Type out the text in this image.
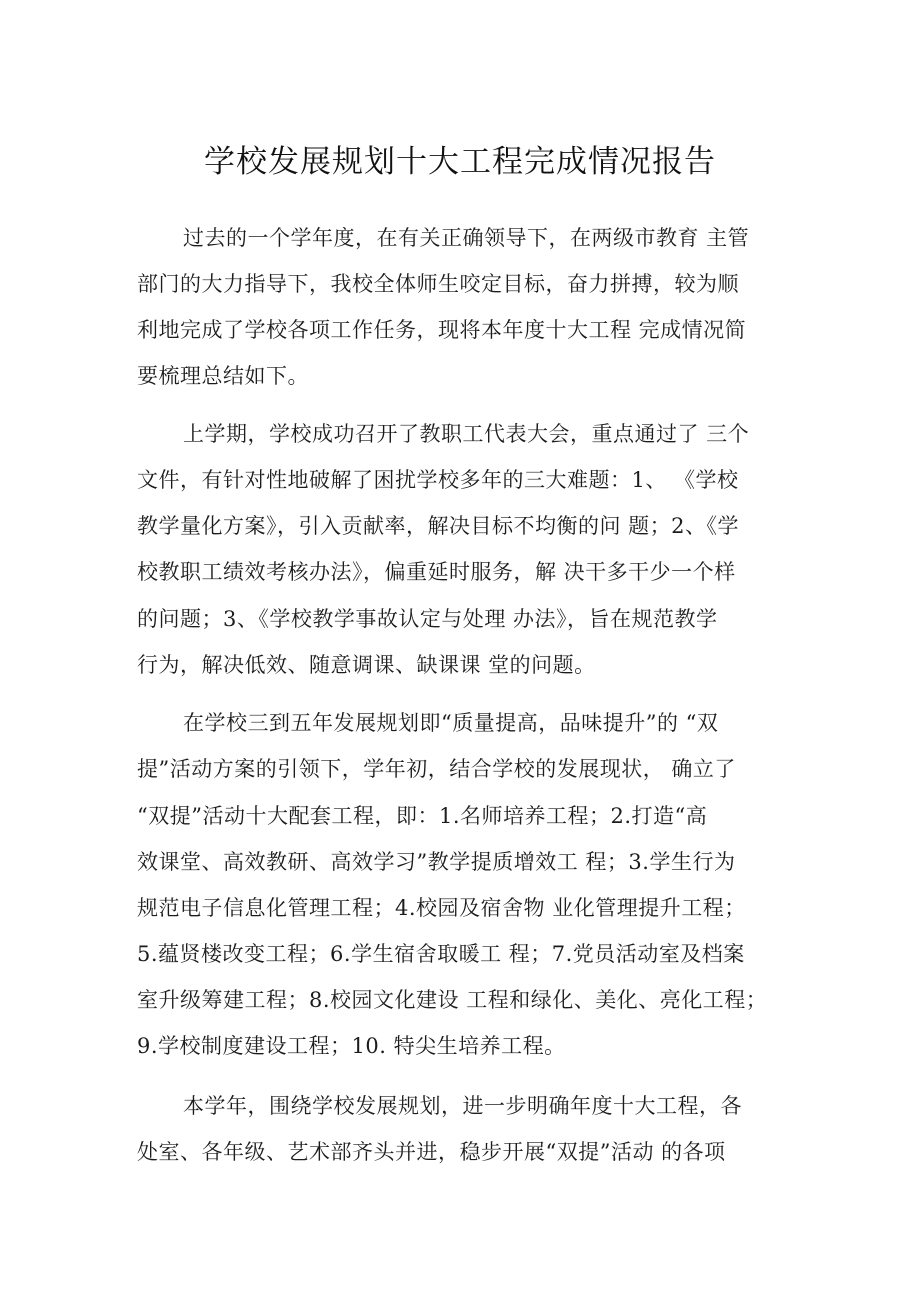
学校发展规划十大工程完成情况报告
过去的一个学年度，在有关正确领导下，在两级市教育 主管
部门的大力指导下，我校全体师生咬定目标，奋力拼搏，较为顺
利地完成了学校各项工作任务，现将本年度十大工程 完成情况简
要梳理总结如下。
上学期，学校成功召开了教职工代表大会，重点通过了 三个
文件，有针对性地破解了困扰学校多年的三大难题：1、 《学校
教学量化方案》，引入贡献率，解决目标不均衡的问 题；2、《学
校教职工绩效考核办法》，偏重延时服务，解 决干多干少一个样
的问题；3、《学校教学事故认定与处理 办法》，旨在规范教学
行为，解决低效、随意调课、缺课课 堂的问题。
在学校三到五年发展规划即“质量提高，品味提升”的 “双
提”活动方案的引领下，学年初，结合学校的发展现状， 确立了
“双提”活动十大配套工程，即：1.名师培养工程；2.打造“高
效课堂、高效教研、高效学习”教学提质增效工 程；3.学生行为
规范电子信息化管理工程；4.校园及宿舍物 业化管理提升工程；
5.蕴贤楼改变工程；6.学生宿舍取暖工 程；7.党员活动室及档案
室升级筹建工程；8.校园文化建设 工程和绿化、美化、亮化工程；
9.学校制度建设工程；10. 特尖生培养工程。
本学年，围绕学校发展规划，进一步明确年度十大工程，各
处室、各年级、艺术部齐头并进，稳步开展“双提”活动 的各项
